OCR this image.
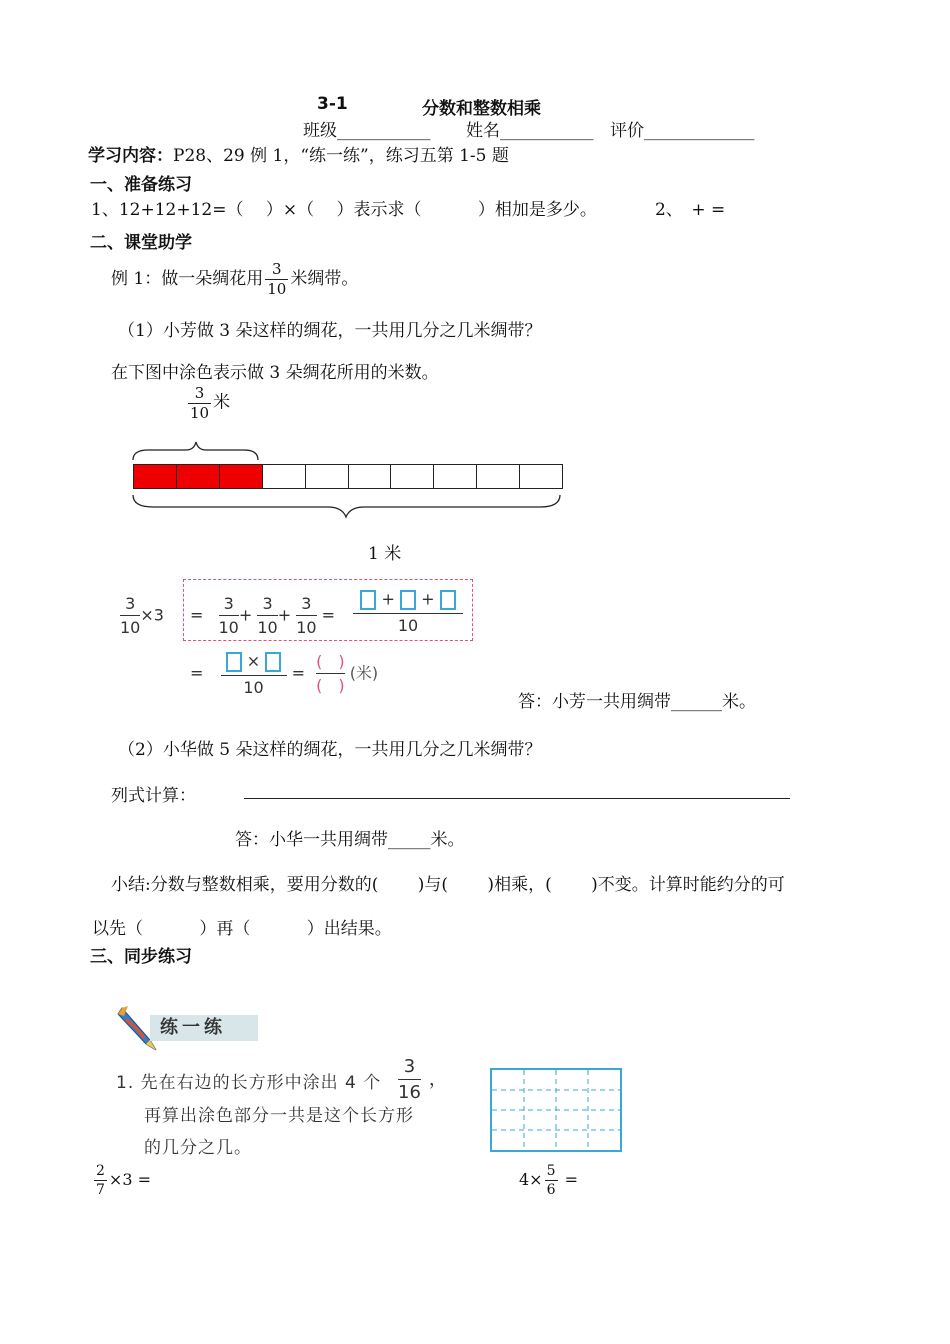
3-1	分数和整数相乘
班级___________ 姓名___________ 评价_____________
学习内容：P28、29 例 1，“练一练”，练习五第 1-5 题
一、准备练习
1、12+12+12=（　 ）×（　 ）表示求（　　　 ）相加是多少。	2、　+ =
二、课堂助学
例 1：做一朵绸花用 $\frac{3}{10}$ 米绸带。
（1）小芳做 3 朵这样的绸花，一共用几分之几米绸带？
在下图中涂色表示做 3 朵绸花所用的米数。
$\frac{3}{10}$ 米
1 米
$\frac{3}{10} \times 3 = \frac{3}{10} + \frac{3}{10} + \frac{3}{10}$ =
+ +
10
=
×
10
=
(　)
(　)
(米)
答：小芳一共用绸带______米。
（2）小华做 5 朵这样的绸花，一共用几分之几米绸带？
列式计算：
答：小华一共用绸带_____米。
小结:分数与整数相乘，要用分数的(　　 )与(　　 )相乘，(　　 )不变。计算时能约分的可
以先（　　　 ）再（　　　 ）出结果。
三、同步练习
练一练
1. 先在右边的长方形中涂出 4 个 $\frac{3}{16}$ ，
再算出涂色部分一共是这个长方形
的几分之几。
$\frac{2}{7} \times 3$ =	$4\times \frac{5}{6}$ =
